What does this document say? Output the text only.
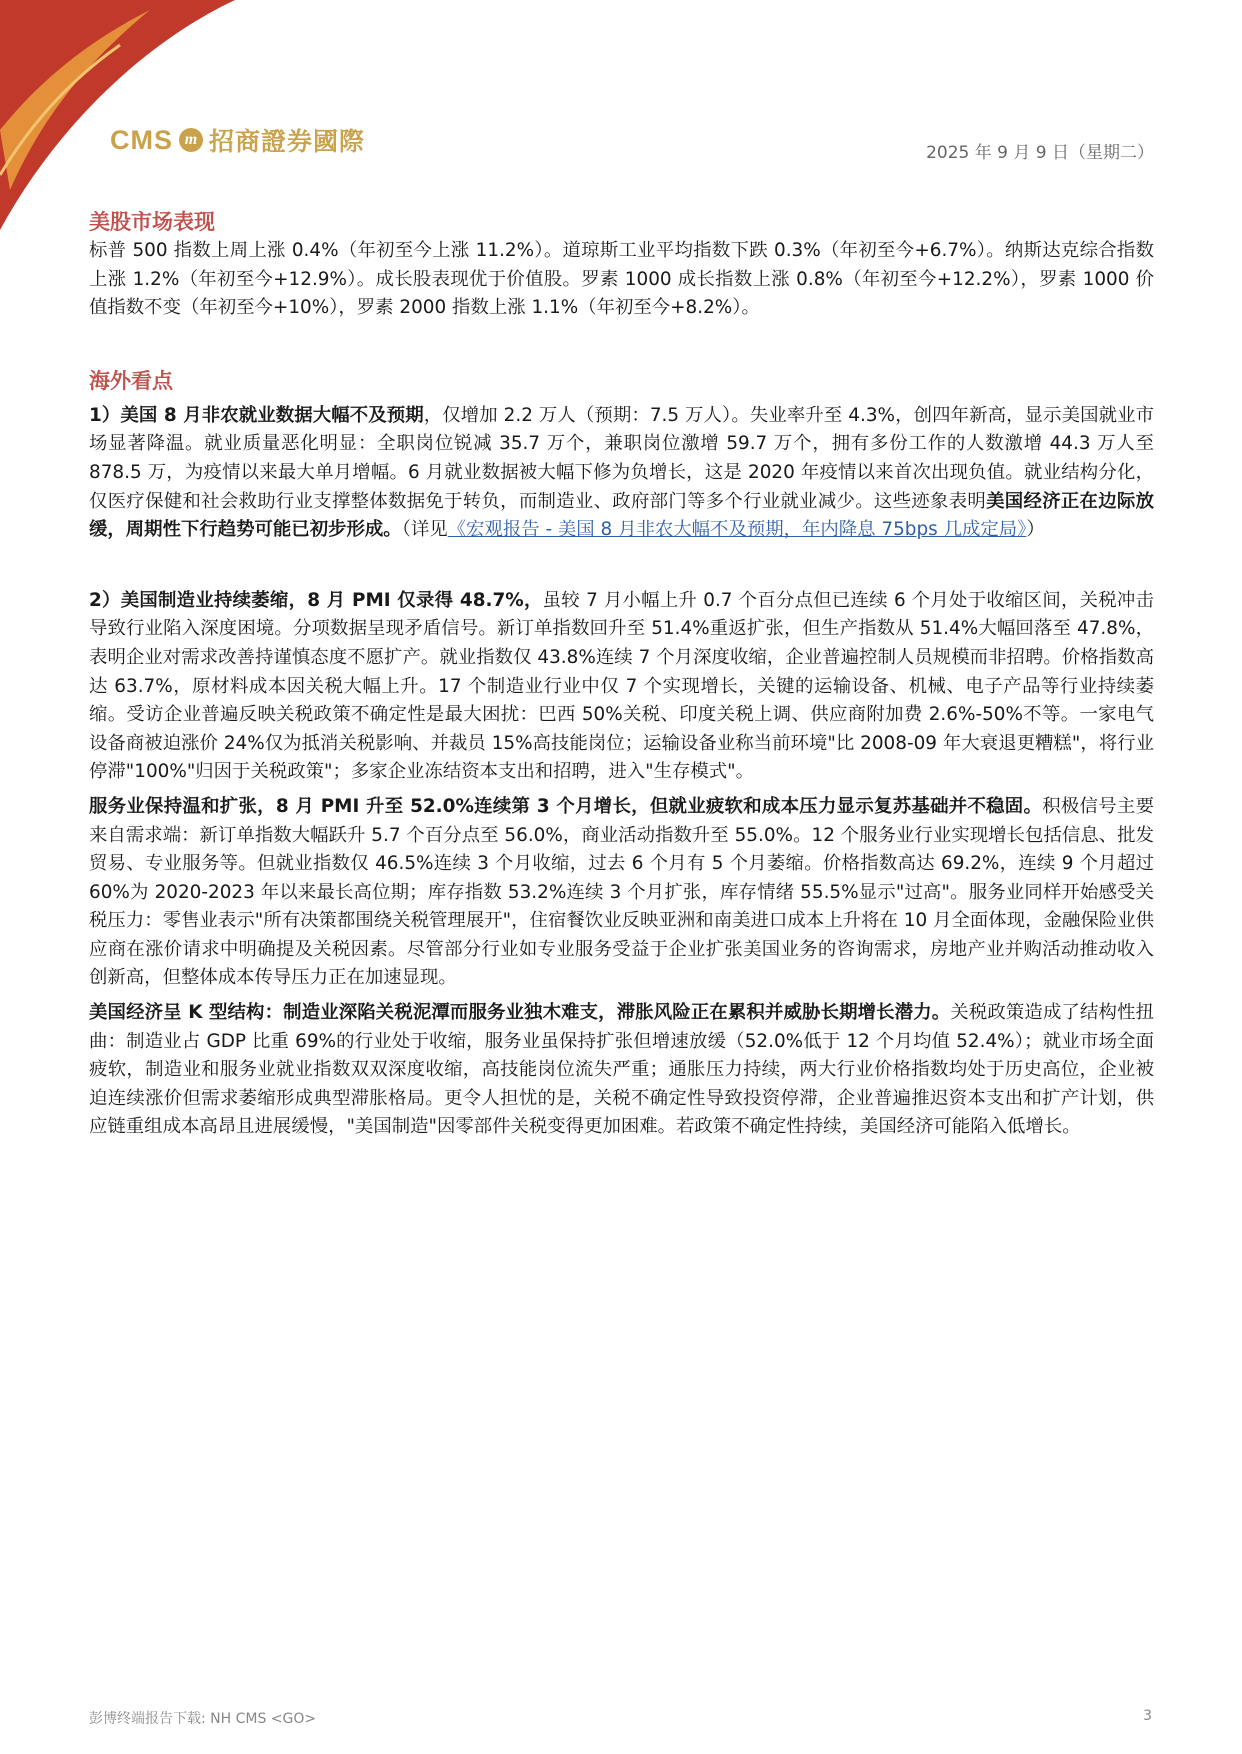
CMS m 招商證券國際	2025 年 9 月 9 日（星期二）
美股市场表现

标普 500 指数上周上涨 0.4%（年初至今上涨 11.2%）。道琼斯工业平均指数下跌 0.3%（年初至今+6.7%）。纳斯达克综合指数上涨 1.2%（年初至今+12.9%）。成长股表现优于价值股。罗素 1000 成长指数上涨 0.8%（年初至今+12.2%），罗素 1000 价值指数不变（年初至今+10%），罗素 2000 指数上涨 1.1%（年初至今+8.2%）。

海外看点

1）美国 8 月非农就业数据大幅不及预期，仅增加 2.2 万人（预期：7.5 万人）。失业率升至 4.3%，创四年新高，显示美国就业市场显著降温。就业质量恶化明显：全职岗位锐减 35.7 万个，兼职岗位激增 59.7 万个，拥有多份工作的人数激增 44.3 万人至 878.5 万，为疫情以来最大单月增幅。6 月就业数据被大幅下修为负增长，这是 2020 年疫情以来首次出现负值。就业结构分化，仅医疗保健和社会救助行业支撑整体数据免于转负，而制造业、政府部门等多个行业就业减少。这些迹象表明美国经济正在边际放缓，周期性下行趋势可能已初步形成。（详见《宏观报告 - 美国 8 月非农大幅不及预期，年内降息 75bps 几成定局》）

2）美国制造业持续萎缩，8 月 PMI 仅录得 48.7%，虽较 7 月小幅上升 0.7 个百分点但已连续 6 个月处于收缩区间，关税冲击导致行业陷入深度困境。分项数据呈现矛盾信号。新订单指数回升至 51.4%重返扩张，但生产指数从 51.4%大幅回落至 47.8%，表明企业对需求改善持谨慎态度不愿扩产。就业指数仅 43.8%连续 7 个月深度收缩，企业普遍控制人员规模而非招聘。价格指数高达 63.7%，原材料成本因关税大幅上升。17 个制造业行业中仅 7 个实现增长，关键的运输设备、机械、电子产品等行业持续萎缩。受访企业普遍反映关税政策不确定性是最大困扰：巴西 50%关税、印度关税上调、供应商附加费 2.6%-50%不等。一家电气设备商被迫涨价 24%仅为抵消关税影响、并裁员 15%高技能岗位；运输设备业称当前环境"比 2008-09 年大衰退更糟糕"，将行业停滞"100%"归因于关税政策"；多家企业冻结资本支出和招聘，进入"生存模式"。

服务业保持温和扩张，8 月 PMI 升至 52.0%连续第 3 个月增长，但就业疲软和成本压力显示复苏基础并不稳固。积极信号主要来自需求端：新订单指数大幅跃升 5.7 个百分点至 56.0%，商业活动指数升至 55.0%。12 个服务业行业实现增长包括信息、批发贸易、专业服务等。但就业指数仅 46.5%连续 3 个月收缩，过去 6 个月有 5 个月萎缩。价格指数高达 69.2%，连续 9 个月超过 60%为 2020-2023 年以来最长高位期；库存指数 53.2%连续 3 个月扩张，库存情绪 55.5%显示"过高"。服务业同样开始感受关税压力：零售业表示"所有决策都围绕关税管理展开"，住宿餐饮业反映亚洲和南美进口成本上升将在 10 月全面体现，金融保险业供应商在涨价请求中明确提及关税因素。尽管部分行业如专业服务受益于企业扩张美国业务的咨询需求，房地产业并购活动推动收入创新高，但整体成本传导压力正在加速显现。

美国经济呈 K 型结构：制造业深陷关税泥潭而服务业独木难支，滞胀风险正在累积并威胁长期增长潜力。关税政策造成了结构性扭曲：制造业占 GDP 比重 69%的行业处于收缩，服务业虽保持扩张但增速放缓（52.0%低于 12 个月均值 52.4%）；就业市场全面疲软，制造业和服务业就业指数双双深度收缩，高技能岗位流失严重；通胀压力持续，两大行业价格指数均处于历史高位，企业被迫连续涨价但需求萎缩形成典型滞胀格局。更令人担忧的是，关税不确定性导致投资停滞，企业普遍推迟资本支出和扩产计划，供应链重组成本高昂且进展缓慢，"美国制造"因零部件关税变得更加困难。若政策不确定性持续，美国经济可能陷入低增长。

彭博终端报告下载: NH CMS <GO>	3
